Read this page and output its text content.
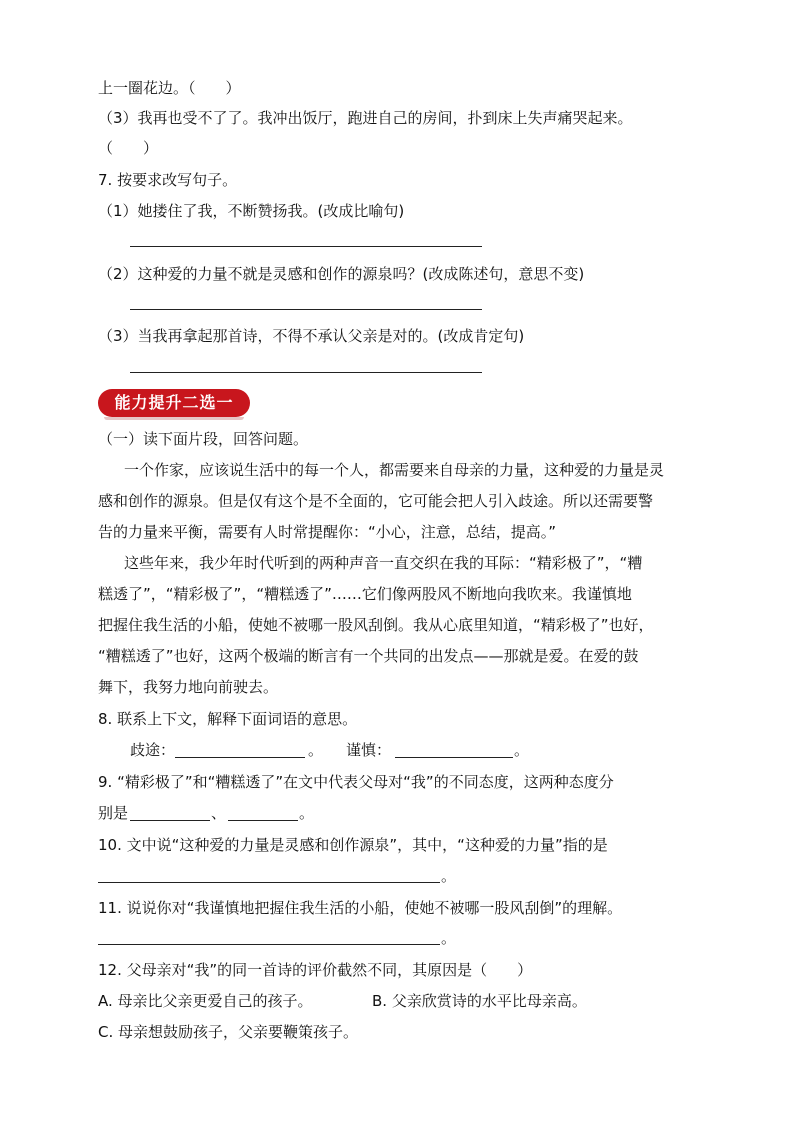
上一圈花边。（　　）
（3）我再也受不了了。我冲出饭厅，跑进自己的房间，扑到床上失声痛哭起来。
（　　）
7. 按要求改写句子。
（1）她搂住了我，不断赞扬我。(改成比喻句)
（2）这种爱的力量不就是灵感和创作的源泉吗？(改成陈述句，意思不变)
（3）当我再拿起那首诗，不得不承认父亲是对的。(改成肯定句)
能力提升二选一
（一）读下面片段，回答问题。
一个作家，应该说生活中的每一个人，都需要来自母亲的力量，这种爱的力量是灵
感和创作的源泉。但是仅有这个是不全面的，它可能会把人引入歧途。所以还需要警
告的力量来平衡，需要有人时常提醒你：“小心，注意，总结，提高。”
这些年来，我少年时代听到的两种声音一直交织在我的耳际：“精彩极了”，“糟
糕透了”，“精彩极了”，“糟糕透了”……它们像两股风不断地向我吹来。我谨慎地
把握住我生活的小船，使她不被哪一股风刮倒。我从心底里知道，“精彩极了”也好，
“糟糕透了”也好，这两个极端的断言有一个共同的出发点——那就是爱。在爱的鼓
舞下，我努力地向前驶去。
8. 联系上下文，解释下面词语的意思。
歧途：	。 谨慎：	。
9. “精彩极了”和“糟糕透了”在文中代表父母对“我”的不同态度，这两种态度分
别是	、	。
10. 文中说“这种爱的力量是灵感和创作源泉”，其中，“这种爱的力量”指的是
。
11. 说说你对“我谨慎地把握住我生活的小船，使她不被哪一股风刮倒”的理解。
。
12. 父母亲对“我”的同一首诗的评价截然不同，其原因是（　　）
A. 母亲比父亲更爱自己的孩子。	B. 父亲欣赏诗的水平比母亲高。
C. 母亲想鼓励孩子，父亲要鞭策孩子。
